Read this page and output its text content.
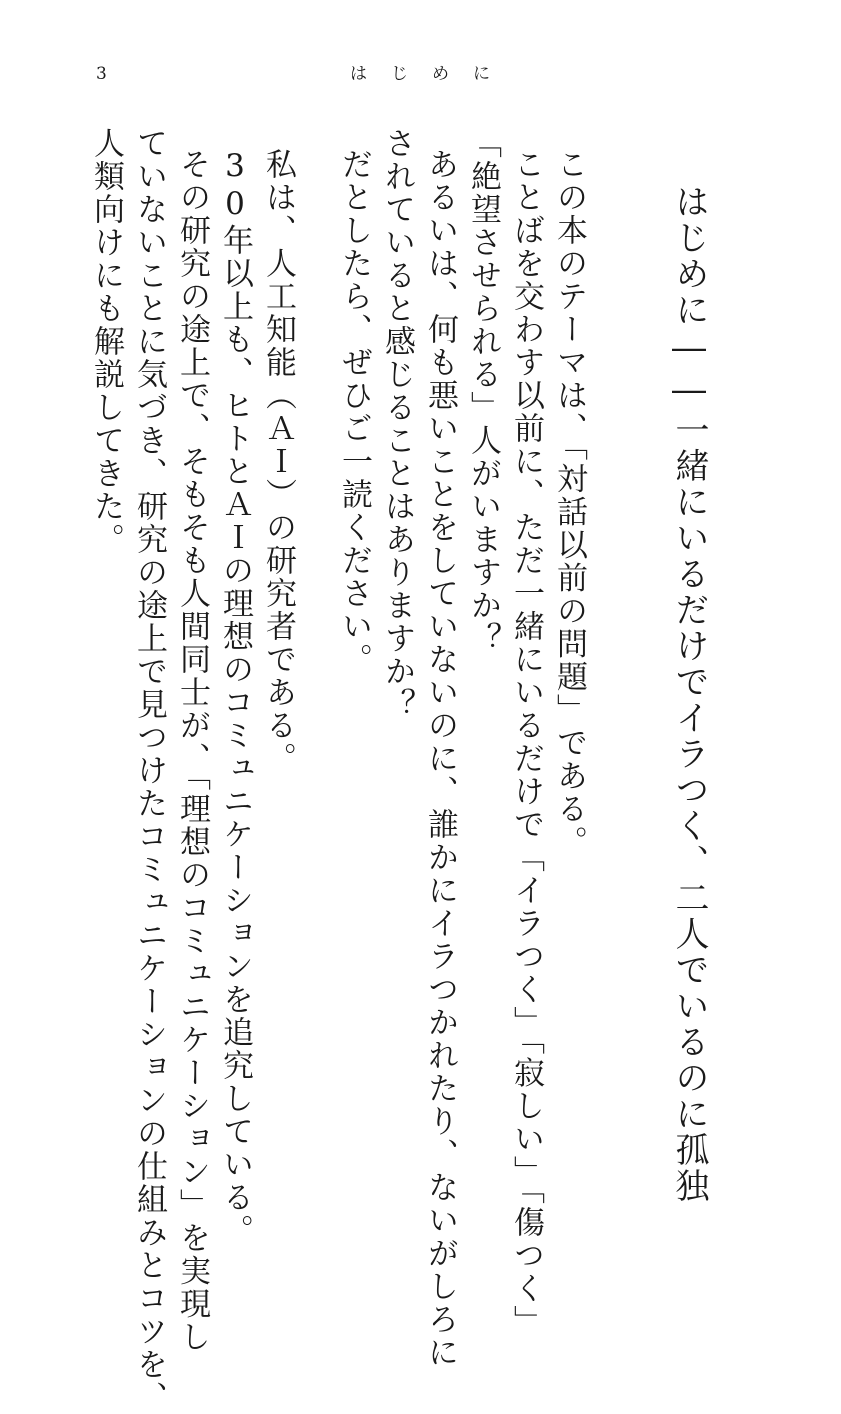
3	はじめに
はじめに――一緒にいるだけでイラつく、二人でいるのに孤独
この本のテーマは、「対話以前の問題」である。
ことばを交わす以前に、ただ一緒にいるだけで「イラつく」「寂しい」「傷つく」
「絶望させられる」人がいますか？
あるいは、何も悪いことをしていないのに、誰かにイラつかれたり、ないがしろに
されていると感じることはありますか？
だとしたら、ぜひご一読ください。
私は、人工知能（ＡＩ）の研究者である。
30年以上も、ヒトとＡＩの理想のコミュニケーションを追究している。
その研究の途上で、そもそも人間同士が、「理想のコミュニケーション」を実現し
ていないことに気づき、研究の途上で見つけたコミュニケーションの仕組みとコツを、
人類向けにも解説してきた。
